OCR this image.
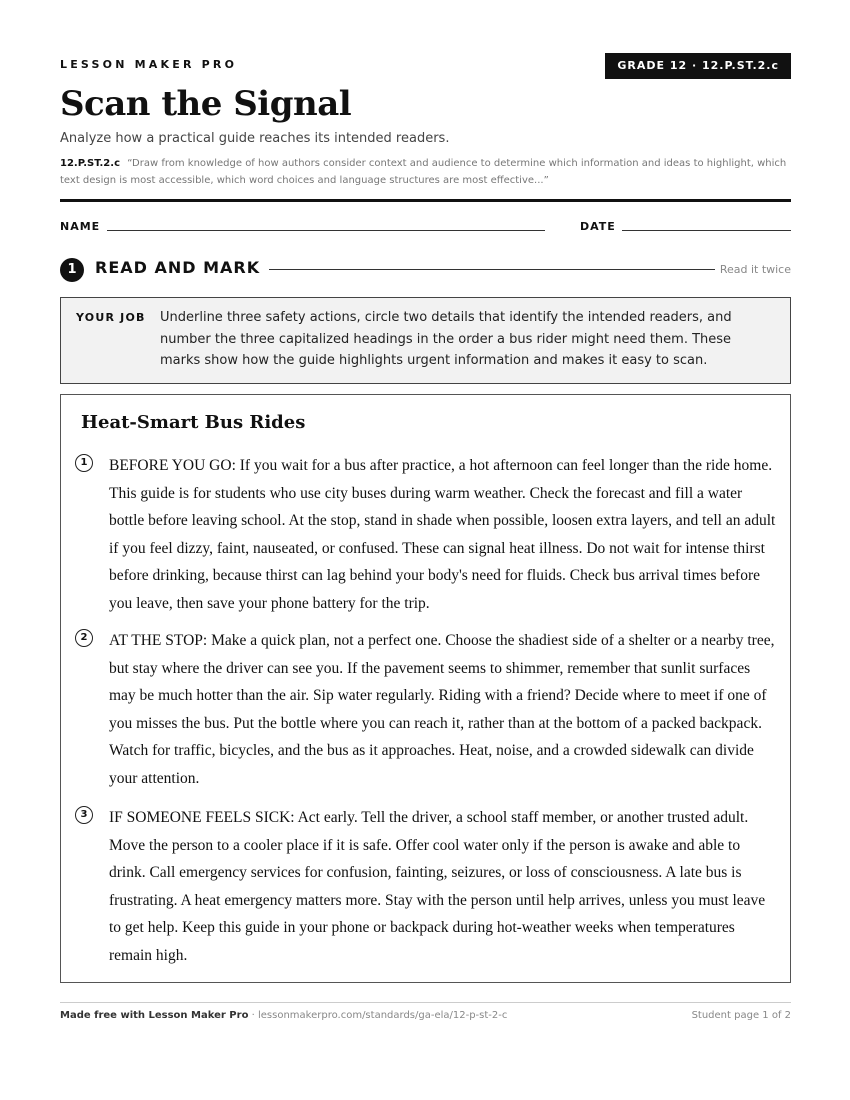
LESSON MAKER PRO	GRADE 12 · 12.P.ST.2.c
Scan the Signal
Analyze how a practical guide reaches its intended readers.
12.P.ST.2.c “Draw from knowledge of how authors consider context and audience to determine which information and ideas to highlight, which text design is most accessible, which word choices and language structures are most effective...”
NAME	DATE
1	READ AND MARK	Read it twice
YOUR JOB Underline three safety actions, circle two details that identify the intended readers, and number the three capitalized headings in the order a bus rider might need them. These marks show how the guide highlights urgent information and makes it easy to scan.
Heat-Smart Bus Rides
1	BEFORE YOU GO: If you wait for a bus after practice, a hot afternoon can feel longer than the ride home. This guide is for students who use city buses during warm weather. Check the forecast and fill a water bottle before leaving school. At the stop, stand in shade when possible, loosen extra layers, and tell an adult if you feel dizzy, faint, nauseated, or confused. These can signal heat illness. Do not wait for intense thirst before drinking, because thirst can lag behind your body's need for fluids. Check bus arrival times before you leave, then save your phone battery for the trip.
2	AT THE STOP: Make a quick plan, not a perfect one. Choose the shadiest side of a shelter or a nearby tree, but stay where the driver can see you. If the pavement seems to shimmer, remember that sunlit surfaces may be much hotter than the air. Sip water regularly. Riding with a friend? Decide where to meet if one of you misses the bus. Put the bottle where you can reach it, rather than at the bottom of a packed backpack. Watch for traffic, bicycles, and the bus as it approaches. Heat, noise, and a crowded sidewalk can divide your attention.
3	IF SOMEONE FEELS SICK: Act early. Tell the driver, a school staff member, or another trusted adult. Move the person to a cooler place if it is safe. Offer cool water only if the person is awake and able to drink. Call emergency services for confusion, fainting, seizures, or loss of consciousness. A late bus is frustrating. A heat emergency matters more. Stay with the person until help arrives, unless you must leave to get help. Keep this guide in your phone or backpack during hot-weather weeks when temperatures remain high.
Made free with Lesson Maker Pro · lessonmakerpro.com/standards/ga-ela/12-p-st-2-c	Student page 1 of 2
